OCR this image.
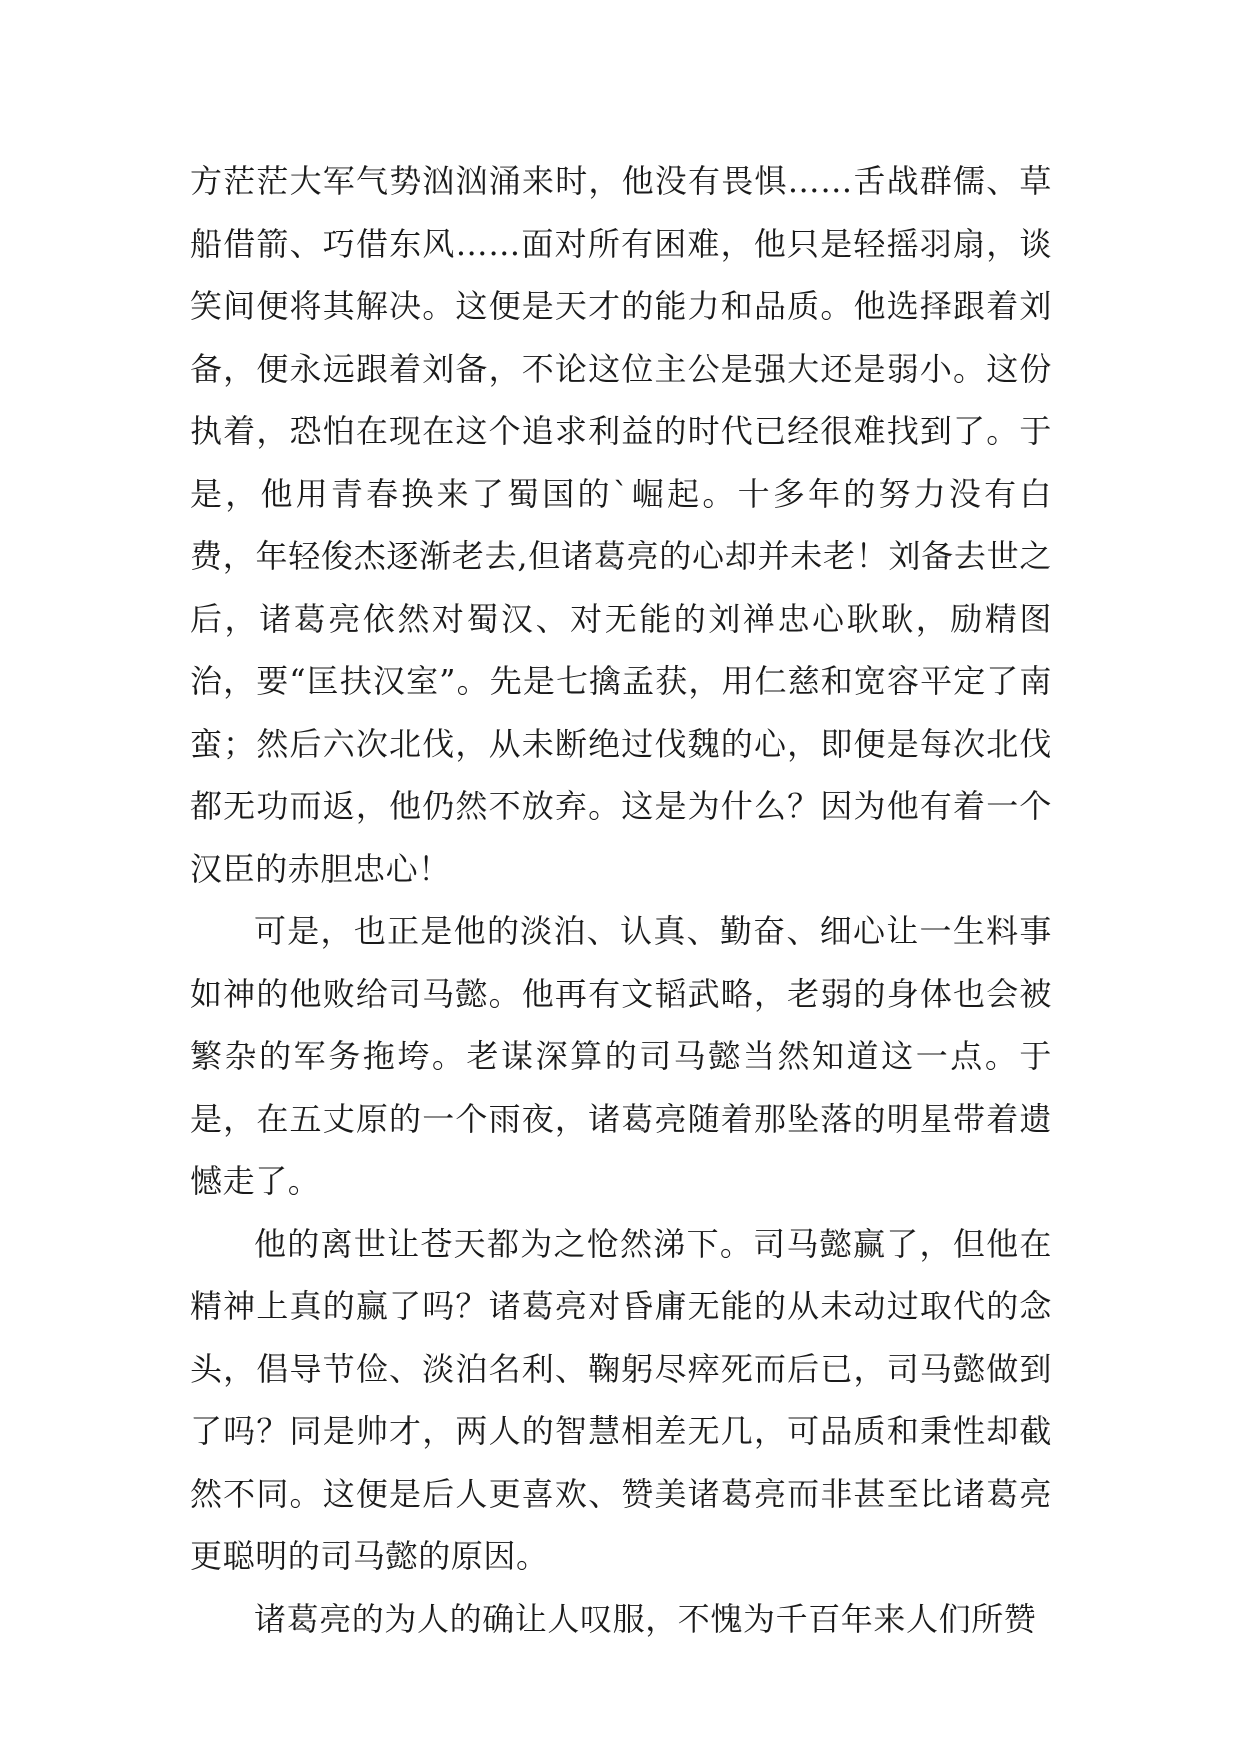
方茫茫大军气势汹汹涌来时，他没有畏惧……舌战群儒、草船借箭、巧借东风……面对所有困难，他只是轻摇羽扇，谈笑间便将其解决。这便是天才的能力和品质。他选择跟着刘备，便永远跟着刘备，不论这位主公是强大还是弱小。这份执着，恐怕在现在这个追求利益的时代已经很难找到了。于是，他用青春换来了蜀国的`崛起。十多年的努力没有白费，年轻俊杰逐渐老去,但诸葛亮的心却并未老！刘备去世之后，诸葛亮依然对蜀汉、对无能的刘禅忠心耿耿，励精图治，要“匡扶汉室”。先是七擒孟获，用仁慈和宽容平定了南蛮；然后六次北伐，从未断绝过伐魏的心，即便是每次北伐都无功而返，他仍然不放弃。这是为什么？因为他有着一个汉臣的赤胆忠心！

可是，也正是他的淡泊、认真、勤奋、细心让一生料事如神的他败给司马懿。他再有文韬武略，老弱的身体也会被繁杂的军务拖垮。老谋深算的司马懿当然知道这一点。于是，在五丈原的一个雨夜，诸葛亮随着那坠落的明星带着遗憾走了。

他的离世让苍天都为之怆然涕下。司马懿赢了，但他在精神上真的赢了吗？诸葛亮对昏庸无能的从未动过取代的念头，倡导节俭、淡泊名利、鞠躬尽瘁死而后已，司马懿做到了吗？同是帅才，两人的智慧相差无几，可品质和秉性却截然不同。这便是后人更喜欢、赞美诸葛亮而非甚至比诸葛亮更聪明的司马懿的原因。

诸葛亮的为人的确让人叹服，不愧为千百年来人们所赞
